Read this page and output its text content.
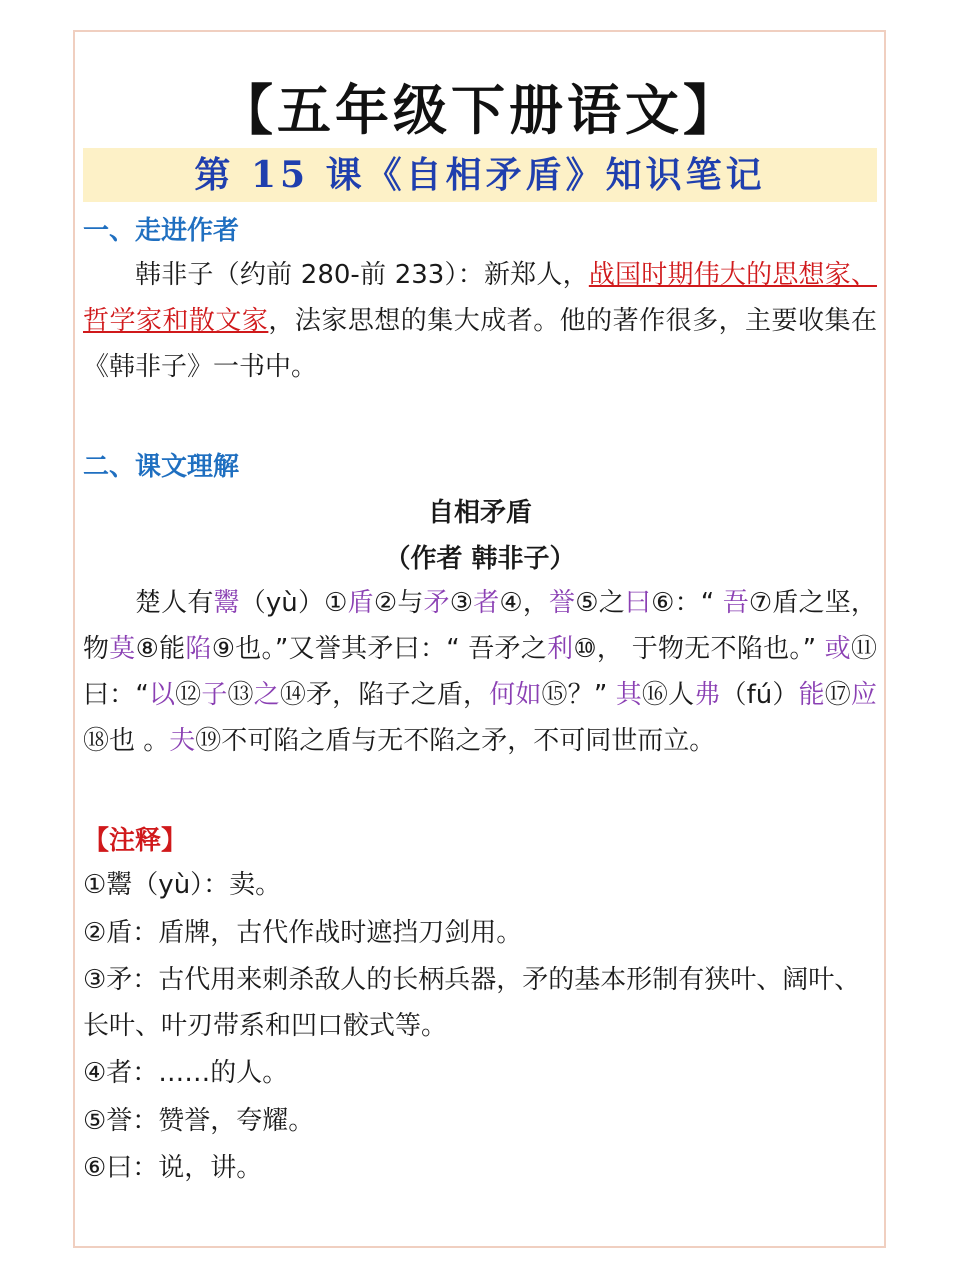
【五年级下册语文】
第 15 课《自相矛盾》知识笔记
一、走进作者
韩非子（约前 280-前 233）：新郑人，战国时期伟大的思想家、哲学家和散文家，法家思想的集大成者。他的著作很多，主要收集在《韩非子》一书中。
二、课文理解
自相矛盾
（作者 韩非子）
楚人有鬻（yù）①盾②与矛③者④，誉⑤之曰⑥：“ 吾⑦盾之坚， 物莫⑧能陷⑨也。”又誉其矛曰：“ 吾矛之利⑩， 于物无不陷也。” 或⑪曰：“以⑫子⑬之⑭矛，陷子之盾，何如⑮？” 其⑯人弗（fú）能⑰应⑱也 。夫⑲不可陷之盾与无不陷之矛，不可同世而立。
【注释】
①鬻（yù）：卖。
②盾：盾牌，古代作战时遮挡刀剑用。
③矛：古代用来刺杀敌人的长柄兵器，矛的基本形制有狭叶、阔叶、长叶、叶刃带系和凹口骹式等。
④者：……的人。
⑤誉：赞誉，夸耀。
⑥曰：说，讲。
